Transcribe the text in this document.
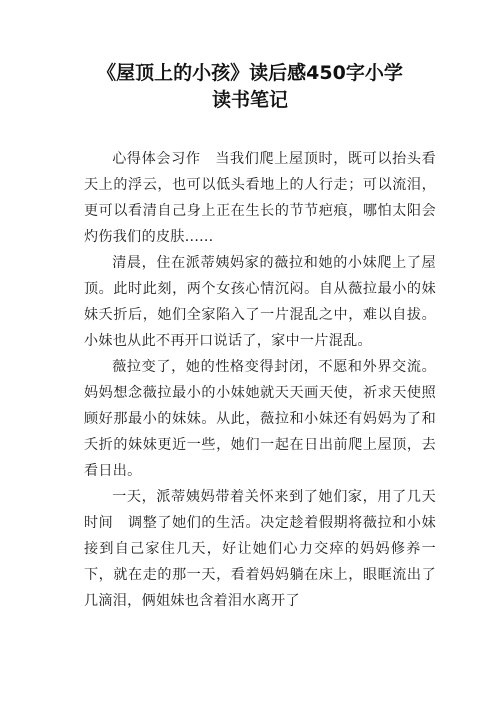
《屋顶上的小孩》读后感450字小学
读书笔记

心得体会习作　当我们爬上屋顶时，既可以抬头看天上的浮云，也可以低头看地上的人行走；可以流泪，更可以看清自己身上正在生长的节节疤痕，哪怕太阳会灼伤我们的皮肤......

清晨，住在派蒂姨妈家的薇拉和她的小妹爬上了屋顶。此时此刻，两个女孩心情沉闷。自从薇拉最小的妹妹夭折后，她们全家陷入了一片混乱之中，难以自拔。小妹也从此不再开口说话了，家中一片混乱。

薇拉变了，她的性格变得封闭，不愿和外界交流。妈妈想念薇拉最小的小妹她就天天画天使，祈求天使照顾好那最小的妹妹。从此，薇拉和小妹还有妈妈为了和夭折的妹妹更近一些，她们一起在日出前爬上屋顶，去看日出。

一天，派蒂姨妈带着关怀来到了她们家，用了几天时间　调整了她们的生活。决定趁着假期将薇拉和小妹接到自己家住几天，好让她们心力交瘁的妈妈修养一下，就在走的那一天，看着妈妈躺在床上，眼眶流出了几滴泪，俩姐妹也含着泪水离开了
